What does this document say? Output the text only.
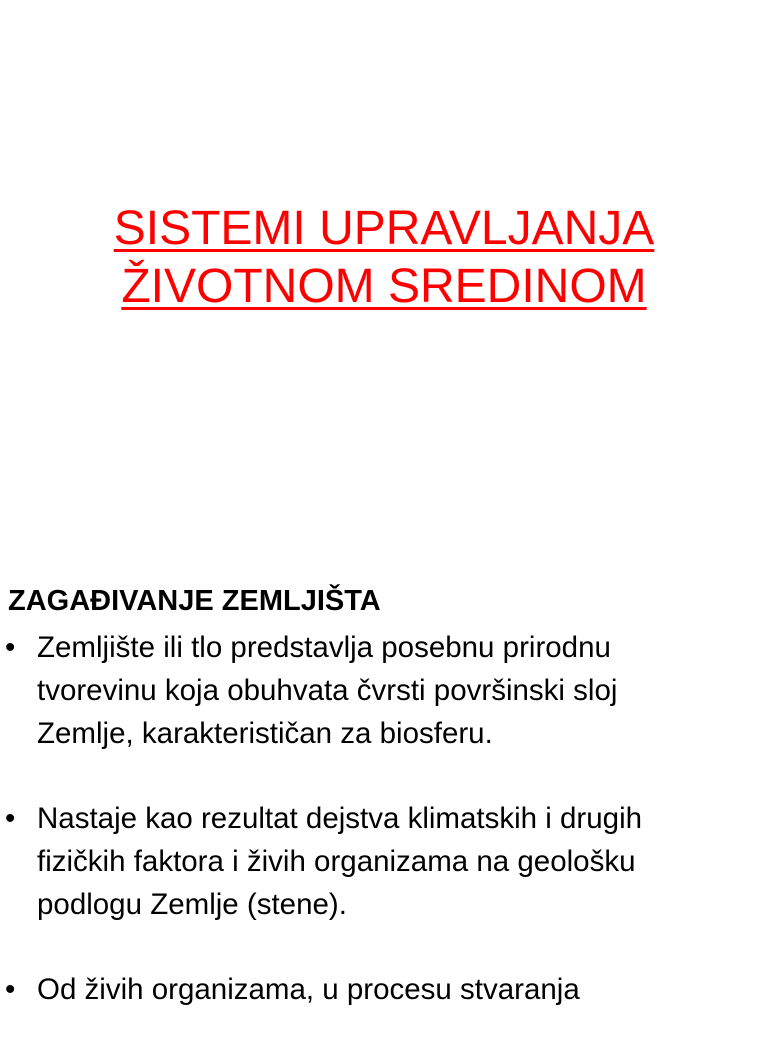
SISTEMI UPRAVLJANJA
ŽIVOTNOM SREDINOM
ZAGAĐIVANJE ZEMLJIŠTA
• Zemljište ili tlo predstavlja posebnu prirodnu
tvorevinu koja obuhvata čvrsti površinski sloj
Zemlje, karakterističan za biosferu.
• Nastaje kao rezultat dejstva klimatskih i drugih
fizičkih faktora i živih organizama na geološku
podlogu Zemlje (stene).
• Od živih organizama, u procesu stvaranja
